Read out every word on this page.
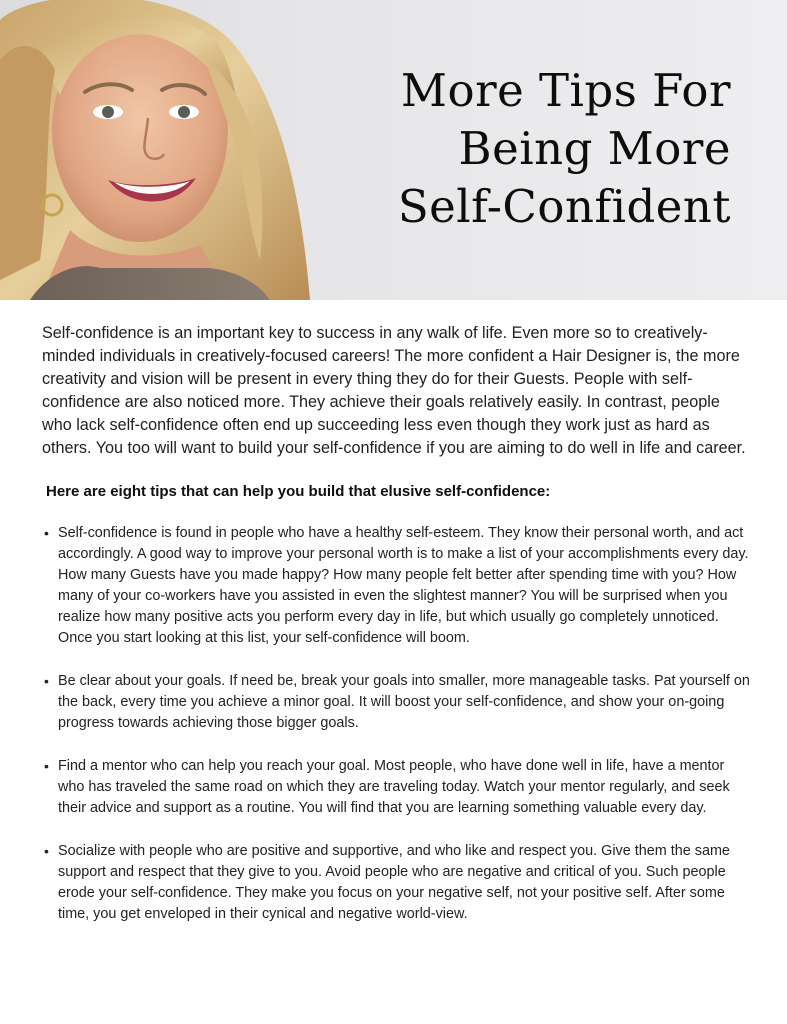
More Tips For
Being More
Self-Confident

Self-confidence is an important key to success in any walk of life. Even more so to creatively-minded individuals in creatively-focused careers! The more confident a Hair Designer is, the more creativity and vision will be present in every thing they do for their Guests. People with self-confidence are also noticed more. They achieve their goals relatively easily. In contrast, people who lack self-confidence often end up succeeding less even though they work just as hard as others. You too will want to build your self-confidence if you are aiming to do well in life and career.

Here are eight tips that can help you build that elusive self-confidence:

• Self-confidence is found in people who have a healthy self-esteem. They know their personal worth, and act accordingly. A good way to improve your personal worth is to make a list of your accomplishments every day. How many Guests have you made happy? How many people felt better after spending time with you? How many of your co-workers have you assisted in even the slightest manner? You will be surprised when you realize how many positive acts you perform every day in life, but which usually go completely unnoticed. Once you start looking at this list, your self-confidence will boom.
• Be clear about your goals. If need be, break your goals into smaller, more manageable tasks. Pat yourself on the back, every time you achieve a minor goal. It will boost your self-confidence, and show your on-going progress towards achieving those bigger goals.
• Find a mentor who can help you reach your goal. Most people, who have done well in life, have a mentor who has traveled the same road on which they are traveling today. Watch your mentor regularly, and seek their advice and support as a routine. You will find that you are learning something valuable every day.
• Socialize with people who are positive and supportive, and who like and respect you. Give them the same support and respect that they give to you. Avoid people who are negative and critical of you. Such people erode your self-confidence. They make you focus on your negative self, not your positive self. After some time, you get enveloped in their cynical and negative world-view.
